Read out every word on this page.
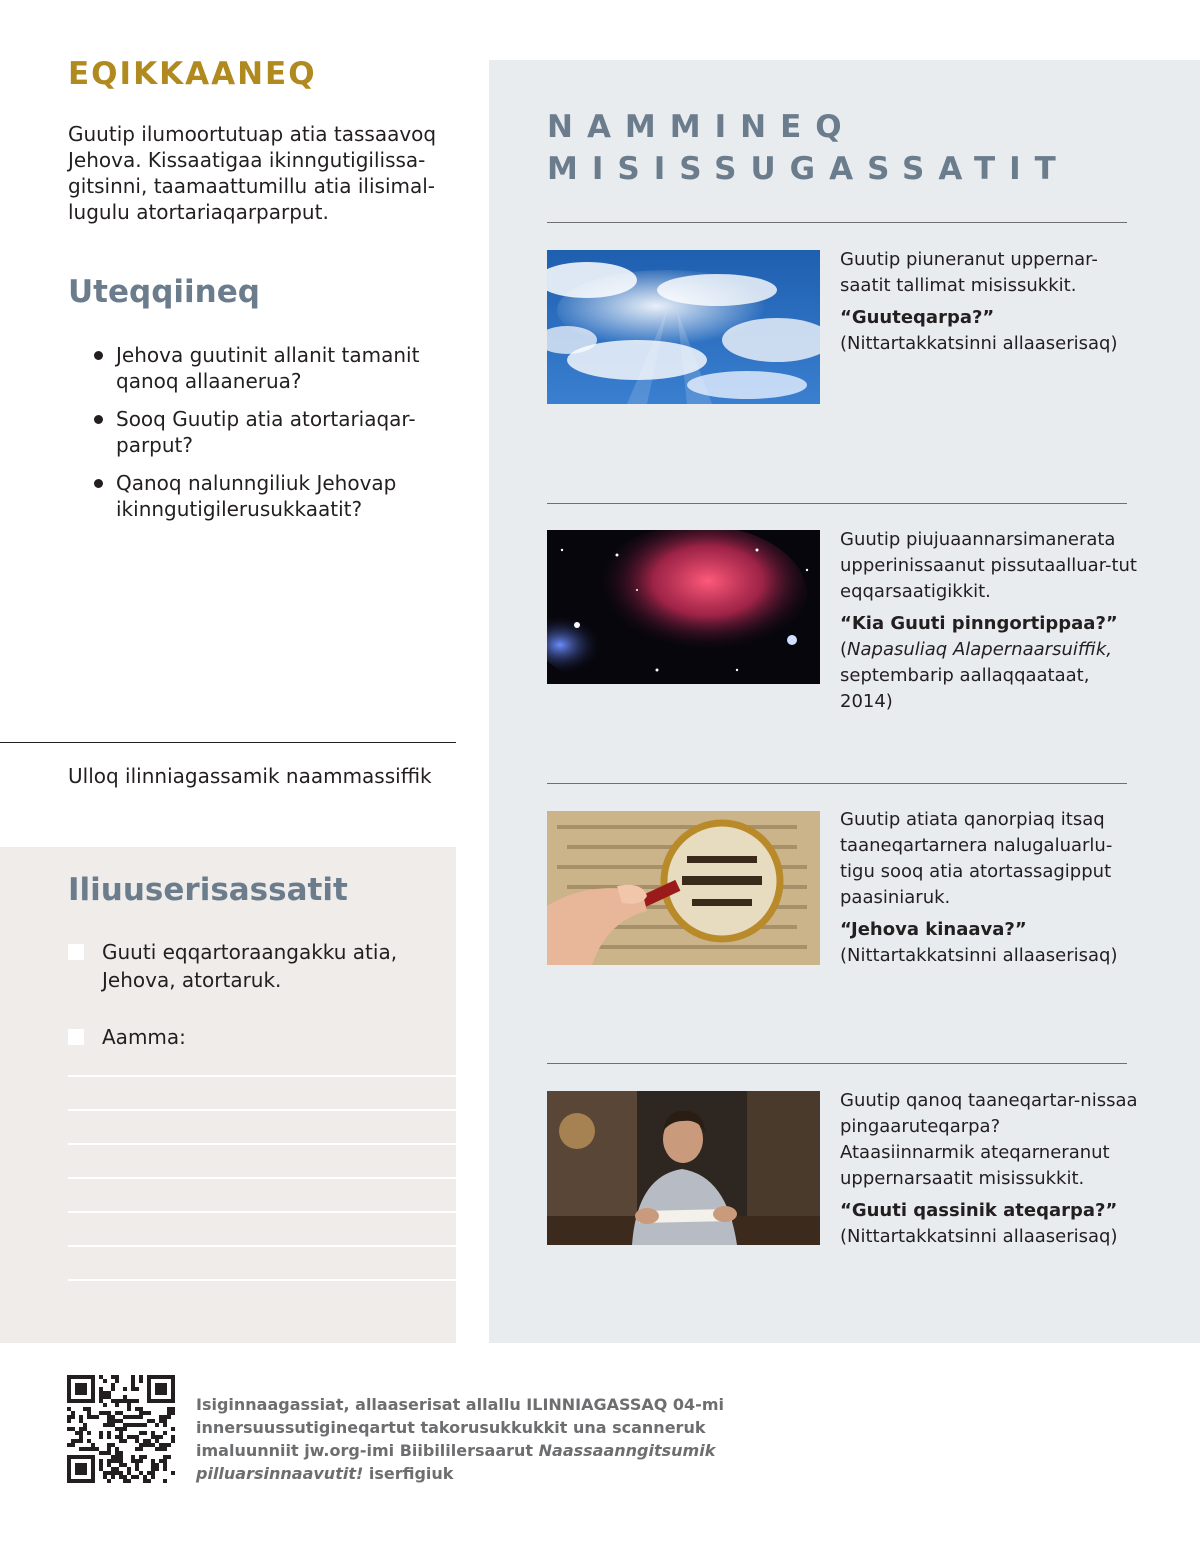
EQIKKAANEQ
Guutip ilumoortutuap atia tassaavoq Jehova. Kissaatigaa ikinngutigilissa-gitsinni, taamaattumillu atia ilisimal-lugulu atortariaqarparput.
Uteqqiineq
Jehova guutinit allanit tamanit qanoq allaanerua?
Sooq Guutip atia atortariaqar-parput?
Qanoq nalunngiliuk Jehovap ikinngutigilerusukkaatit?
Ulloq ilinniagassamik naammassiffik
Iliuuserisassatit
Guuti eqqartoraangakku atia, Jehova, atortaruk.
Aamma:
NAMMINEQ MISISSUGASSATIT
Guutip piuneranut uppernar-saatit tallimat misissukkit.
“Guuteqarpa?”
(Nittartakkatsinni allaaserisaq)
Guutip piujuaannarsimanerata upperinissaanut pissutaalluar-tut eqqarsaatigikkit.
“Kia Guuti pinngortippaa?”
(Napasuliaq Alapernaarsuiffik,
septembarip aallaqqaataat, 2014)
Guutip atiata qanorpiaq itsaq taaneqartarnera nalugaluarlu-tigu sooq atia atortassagipput paasiniaruk.
“Jehova kinaava?”
(Nittartakkatsinni allaaserisaq)
Guutip qanoq taaneqartar-nissaa pingaaruteqarpa? Ataasiinnarmik ateqarneranut uppernarsaatit misissukkit.
“Guuti qassinik ateqarpa?”
(Nittartakkatsinni allaaserisaq)
Isiginnaagassiat, allaaserisat allallu ILINNIAGASSAQ 04-mi innersuussutigineqartut takorusukkukkit una scanneruk imaluunniit jw.org-imi Biibililersaarut Naassaanngitsumik pilluarsinnaavutit! iserfigiuk
